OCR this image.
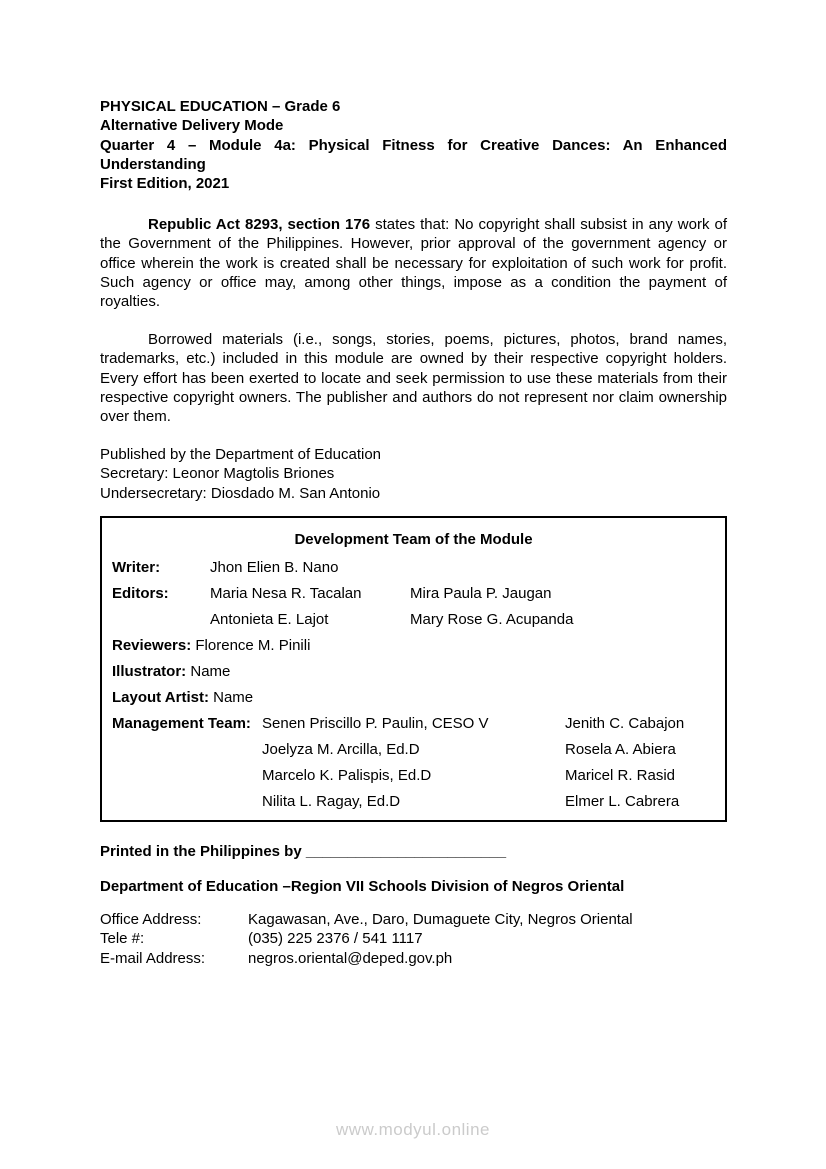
PHYSICAL EDUCATION – Grade 6
Alternative Delivery Mode
Quarter 4 – Module 4a: Physical Fitness for Creative Dances: An Enhanced Understanding
First Edition, 2021

Republic Act 8293, section 176 states that: No copyright shall subsist in any work of the Government of the Philippines. However, prior approval of the government agency or office wherein the work is created shall be necessary for exploitation of such work for profit. Such agency or office may, among other things, impose as a condition the payment of royalties.

Borrowed materials (i.e., songs, stories, poems, pictures, photos, brand names, trademarks, etc.) included in this module are owned by their respective copyright holders. Every effort has been exerted to locate and seek permission to use these materials from their respective copyright owners. The publisher and authors do not represent nor claim ownership over them.

Published by the Department of Education
Secretary: Leonor Magtolis Briones
Undersecretary: Diosdado M. San Antonio
Development Team of the Module
Writer:	Jhon Elien B. Nano
Editors:	Maria Nesa R. Tacalan	Mira Paula P. Jaugan
Antonieta E. Lajot	Mary Rose G. Acupanda
Reviewers: Florence M. Pinili
Illustrator: Name
Layout Artist: Name
Management Team: Senen Priscillo P. Paulin, CESO V	Jenith C. Cabajon
Joelyza M. Arcilla, Ed.D	Rosela A. Abiera
Marcelo K. Palispis, Ed.D	Maricel R. Rasid
Nilita L. Ragay, Ed.D	Elmer L. Cabrera
Printed in the Philippines by ________________________
Department of Education –Region VII Schools Division of Negros Oriental
Office Address:	Kagawasan, Ave., Daro, Dumaguete City, Negros Oriental
Tele #:	(035) 225 2376 / 541 1117
E-mail Address:	negros.oriental@deped.gov.ph
www.modyul.online
